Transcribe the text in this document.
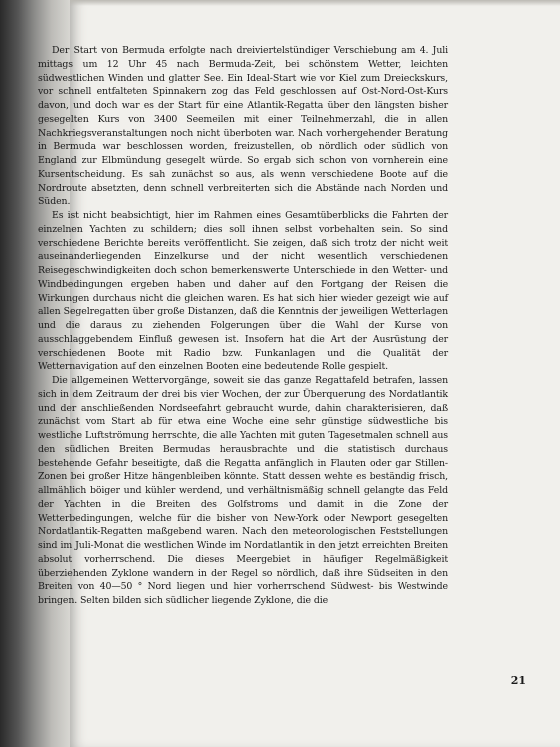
Der Start von Bermuda erfolgte nach dreiviertelstündiger Verschiebung am 4. Juli mittags um 12 Uhr 45 nach Bermuda-Zeit, bei schönstem Wetter, leichten südwestlichen Winden und glatter See. Ein Ideal-Start wie vor Kiel zum Dreieckskurs, vor schnell entfalteten Spinnakern zog das Feld geschlossen auf Ost-Nord-Ost-Kurs davon, und doch war es der Start für eine Atlantik-Regatta über den längsten bisher gesegelten Kurs von 3400 Seemeilen mit einer Teilnehmerzahl, die in allen Nachkriegsveranstaltungen noch nicht überboten war. Nach vorhergehender Beratung in Bermuda war beschlossen worden, freizustellen, ob nördlich oder südlich von England zur Elbmündung gesegelt würde. So ergab sich schon von vornherein eine Kursentscheidung. Es sah zunächst so aus, als wenn verschiedene Boote auf die Nordroute absetzten, denn schnell verbreiterten sich die Abstände nach Norden und Süden.

Es ist nicht beabsichtigt, hier im Rahmen eines Gesamtüberblicks die Fahrten der einzelnen Yachten zu schildern; dies soll ihnen selbst vorbehalten sein. So sind verschiedene Berichte bereits veröffentlicht. Sie zeigen, daß sich trotz der nicht weit auseinanderliegenden Einzelkurse und der nicht wesentlich verschiedenen Reisegeschwindigkeiten doch schon bemerkenswerte Unterschiede in den Wetter- und Windbedingungen ergeben haben und daher auf den Fortgang der Reisen die Wirkungen durchaus nicht die gleichen waren. Es hat sich hier wieder gezeigt wie auf allen Segelregatten über große Distanzen, daß die Kenntnis der jeweiligen Wetterlagen und die daraus zu ziehenden Folgerungen über die Wahl der Kurse von ausschlaggebendem Einfluß gewesen ist. Insofern hat die Art der Ausrüstung der verschiedenen Boote mit Radio bzw. Funkanlagen und die Qualität der Wetternavigation auf den einzelnen Booten eine bedeutende Rolle gespielt.

Die allgemeinen Wettervorgänge, soweit sie das ganze Regattafeld betrafen, lassen sich in dem Zeitraum der drei bis vier Wochen, der zur Überquerung des Nordatlantik und der anschließenden Nordseefahrt gebraucht wurde, dahin charakterisieren, daß zunächst vom Start ab für etwa eine Woche eine sehr günstige südwestliche bis westliche Luftströmung herrschte, die alle Yachten mit guten Tagesetmalen schnell aus den südlichen Breiten Bermudas herausbrachte und die statistisch durchaus bestehende Gefahr beseitigte, daß die Regatta anfänglich in Flauten oder gar Stillen-Zonen bei großer Hitze hängenbleiben könnte. Statt dessen wehte es beständig frisch, allmählich böiger und kühler werdend, und verhältnismäßig schnell gelangte das Feld der Yachten in die Breiten des Golfstroms und damit in die Zone der Wetterbedingungen, welche für die bisher von New-York oder Newport gesegelten Nordatlantik-Regatten maßgebend waren. Nach den meteorologischen Feststellungen sind im Juli-Monat die westlichen Winde im Nordatlantik in den jetzt erreichten Breiten absolut vorherrschend. Die dieses Meergebiet in häufiger Regelmäßigkeit überziehenden Zyklone wandern in der Regel so nördlich, daß ihre Südseiten in den Breiten von 40—50 ° Nord liegen und hier vorherrschend Südwest- bis Westwinde bringen. Selten bilden sich südlicher liegende Zyklone, die die

21
